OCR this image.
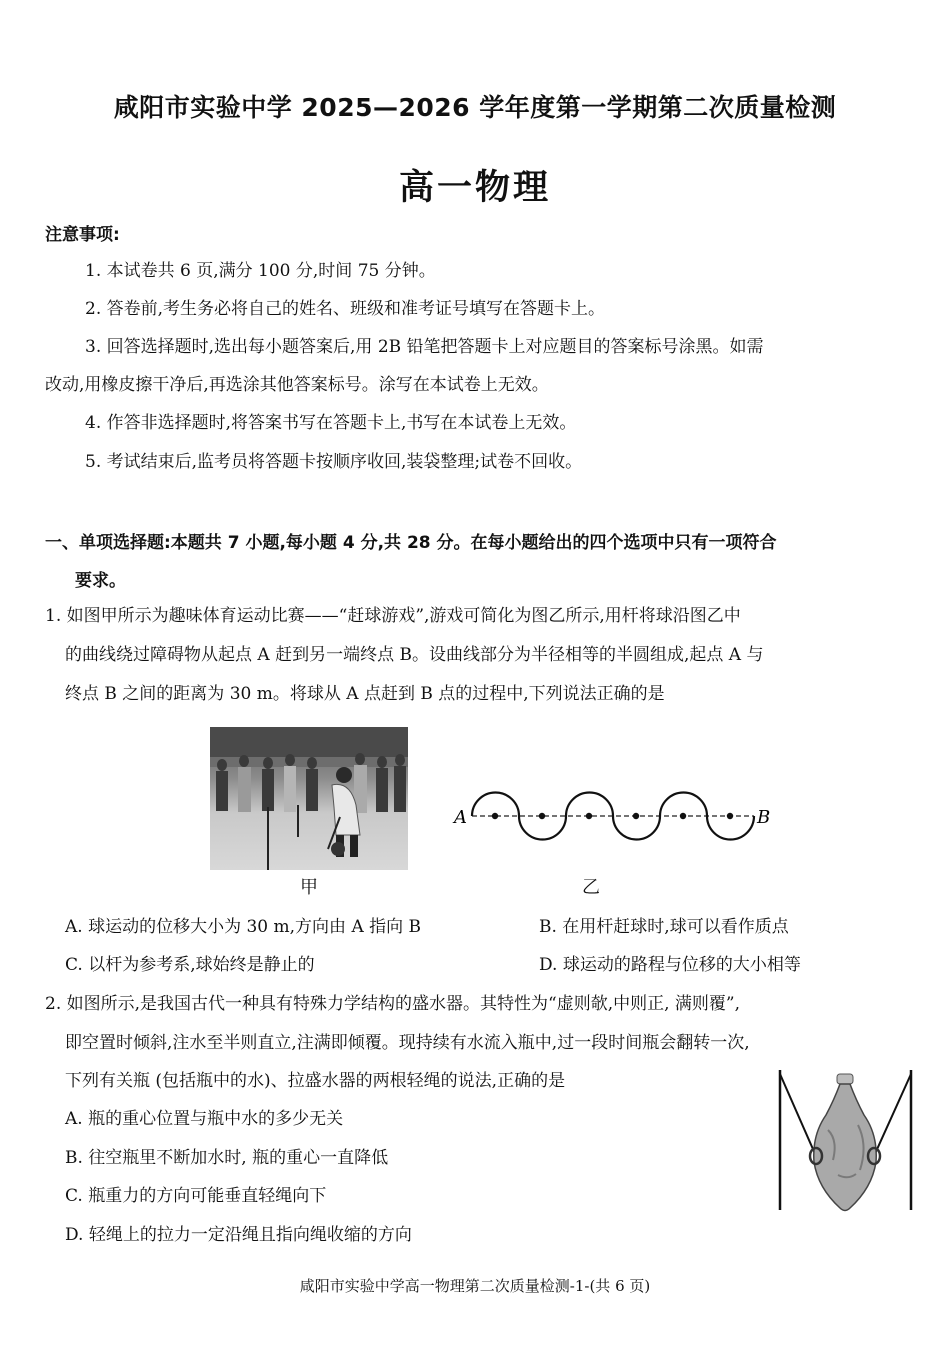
咸阳市实验中学 2025—2026 学年度第一学期第二次质量检测
高一物理
注意事项:
1. 本试卷共 6 页,满分 100 分,时间 75 分钟。
2. 答卷前,考生务必将自己的姓名、班级和准考证号填写在答题卡上。
3. 回答选择题时,选出每小题答案后,用 2B 铅笔把答题卡上对应题目的答案标号涂黑。如需
改动,用橡皮擦干净后,再选涂其他答案标号。涂写在本试卷上无效。
4. 作答非选择题时,将答案书写在答题卡上,书写在本试卷上无效。
5. 考试结束后,监考员将答题卡按顺序收回,装袋整理;试卷不回收。
一、单项选择题:本题共 7 小题,每小题 4 分,共 28 分。在每小题给出的四个选项中只有一项符合
要求。
1. 如图甲所示为趣味体育运动比赛——“赶球游戏”,游戏可简化为图乙所示,用杆将球沿图乙中
的曲线绕过障碍物从起点 A 赶到另一端终点 B。设曲线部分为半径相等的半圆组成,起点 A 与
终点 B 之间的距离为 30 m。将球从 A 点赶到 B 点的过程中,下列说法正确的是
甲
A	B
乙
A. 球运动的位移大小为 30 m,方向由 A 指向 B	B. 在用杆赶球时,球可以看作质点
C. 以杆为参考系,球始终是静止的	D. 球运动的路程与位移的大小相等
2. 如图所示,是我国古代一种具有特殊力学结构的盛水器。其特性为“虚则欹,中则正, 满则覆”,
即空置时倾斜,注水至半则直立,注满即倾覆。现持续有水流入瓶中,过一段时间瓶会翻转一次,
下列有关瓶 (包括瓶中的水)、拉盛水器的两根轻绳的说法,正确的是
A. 瓶的重心位置与瓶中水的多少无关
B. 往空瓶里不断加水时, 瓶的重心一直降低
C. 瓶重力的方向可能垂直轻绳向下
D. 轻绳上的拉力一定沿绳且指向绳收缩的方向
咸阳市实验中学高一物理第二次质量检测-1-(共 6 页)
